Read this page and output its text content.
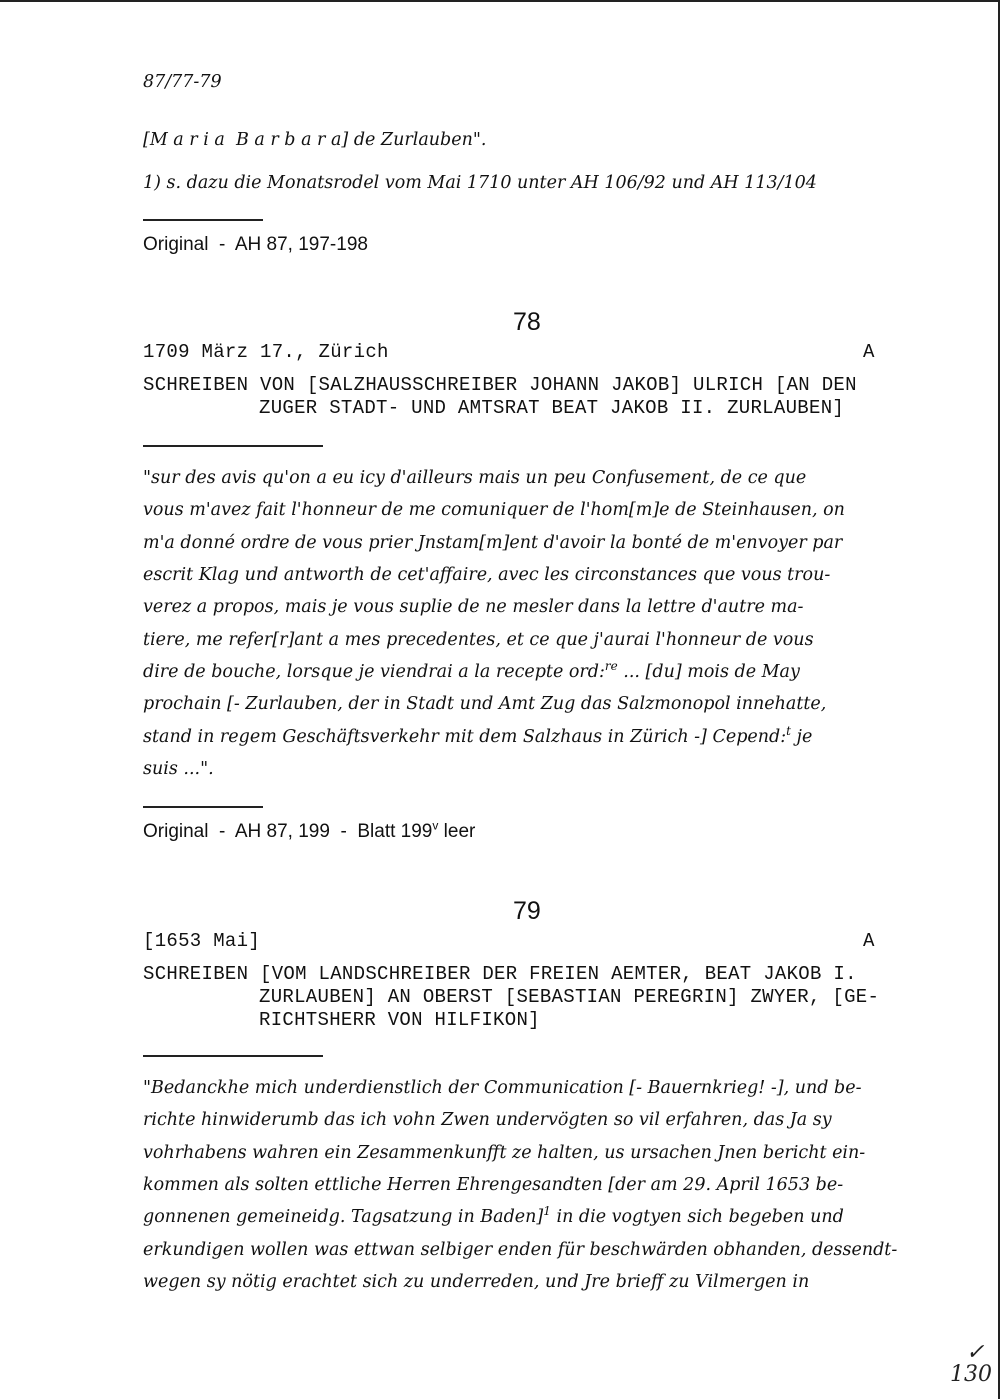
87/77-79
[M a r i a  B a r b a r a] de Zurlauben".
1) s. dazu die Monatsrodel vom Mai 1710 unter AH 106/92 und AH 113/104
Original  -  AH 87, 197-198
78
1709 März 17., Zürich	A
SCHREIBEN VON [SALZHAUSSCHREIBER JOHANN JAKOB] ULRICH [AN DEN
ZUGER STADT- UND AMTSRAT BEAT JAKOB II. ZURLAUBEN]
"sur des avis qu'on a eu icy d'ailleurs mais un peu Confusement, de ce que
vous m'avez fait l'honneur de me comuniquer de l'hom[m]e de Steinhausen, on
m'a donné ordre de vous prier Jnstam[m]ent d'avoir la bonté de m'envoyer par
escrit Klag und antworth de cet'affaire, avec les circonstances que vous trou-
verez a propos, mais je vous suplie de ne mesler dans la lettre d'autre ma-
tiere, me refer[r]ant a mes precedentes, et ce que j'aurai l'honneur de vous
dire de bouche, lorsque je viendrai a la recepte ord:$^{re}$ ... [du] mois de May
prochain [- Zurlauben, der in Stadt und Amt Zug das Salzmonopol innehatte,
stand in regem Geschäftsverkehr mit dem Salzhaus in Zürich -] Cepend:$^t$ je
suis ...".
Original  -  AH 87, 199  -  Blatt 199$^v$ leer
79
[1653 Mai]	A
SCHREIBEN [VOM LANDSCHREIBER DER FREIEN AEMTER, BEAT JAKOB I.
ZURLAUBEN] AN OBERST [SEBASTIAN PEREGRIN] ZWYER, [GE-
RICHTSHERR VON HILFIKON]
"Bedanckhe mich underdienstlich der Communication [- Bauernkrieg! -], und be-
richte hinwiderumb das ich vohn Zwen undervögten so vil erfahren, das Ja sy
vohrhabens wahren ein Zesammenkunfft ze halten, us ursachen Jnen bericht ein-
kommen als solten ettliche Herren Ehrengesandten [der am 29. April 1653 be-
gonnenen gemeineidg. Tagsatzung in Baden]$^1$ in die vogtyen sich begeben und
erkundigen wollen was ettwan selbiger enden für beschwärden obhanden, dessendt-
wegen sy nötig erachtet sich zu underreden, und Jre brieff zu Vilmergen in
✓
130
